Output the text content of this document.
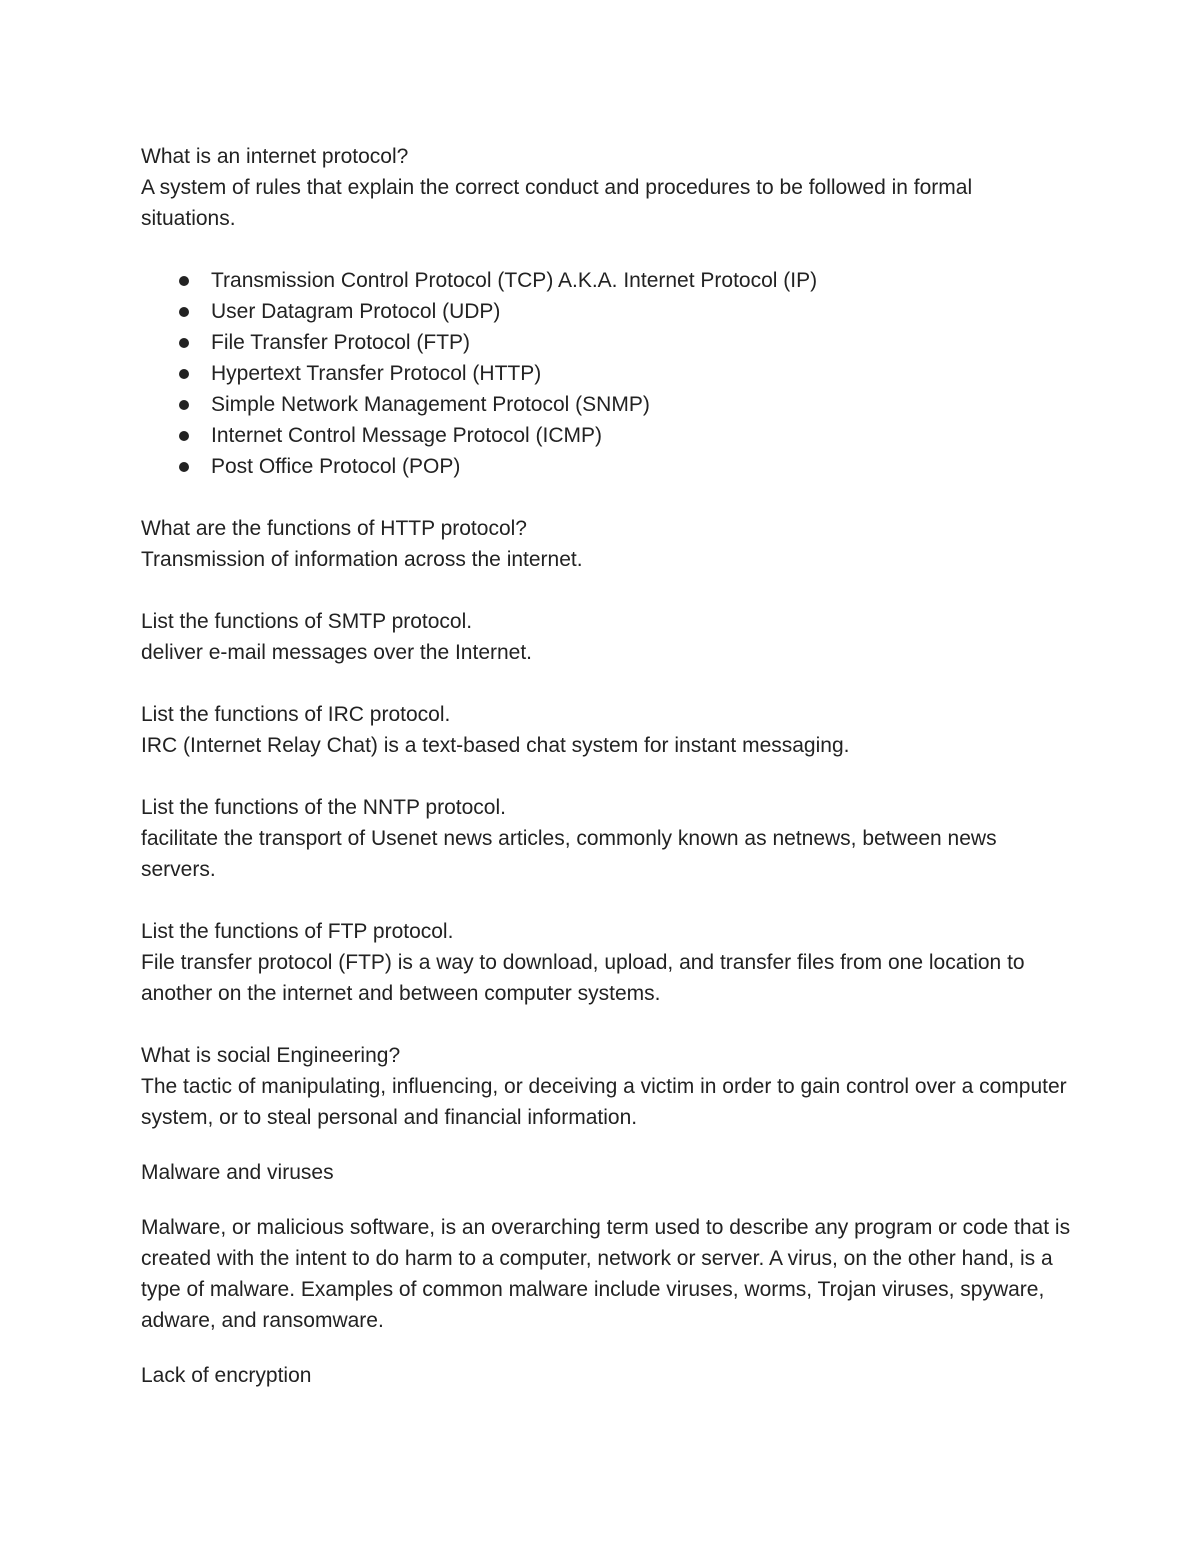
What is an internet protocol?

A system of rules that explain the correct conduct and procedures to be followed in formal situations.

Transmission Control Protocol (TCP) A.K.A. Internet Protocol (IP)
User Datagram Protocol (UDP)
File Transfer Protocol (FTP)
Hypertext Transfer Protocol (HTTP)
Simple Network Management Protocol (SNMP)
Internet Control Message Protocol (ICMP)
Post Office Protocol (POP)

What are the functions of HTTP protocol?

Transmission of information across the internet.

List the functions of SMTP protocol.

deliver e-mail messages over the Internet.

List the functions of IRC protocol.

IRC (Internet Relay Chat) is a text-based chat system for instant messaging.

List the functions of the NNTP protocol.

facilitate the transport of Usenet news articles, commonly known as netnews, between news servers.

List the functions of FTP protocol.

File transfer protocol (FTP) is a way to download, upload, and transfer files from one location to another on the internet and between computer systems.

What is social Engineering?

The tactic of manipulating, influencing, or deceiving a victim in order to gain control over a computer system, or to steal personal and financial information.

Malware and viruses

Malware, or malicious software, is an overarching term used to describe any program or code that is created with the intent to do harm to a computer, network or server. A virus, on the other hand, is a type of malware. Examples of common malware include viruses, worms, Trojan viruses, spyware, adware, and ransomware.

Lack of encryption
